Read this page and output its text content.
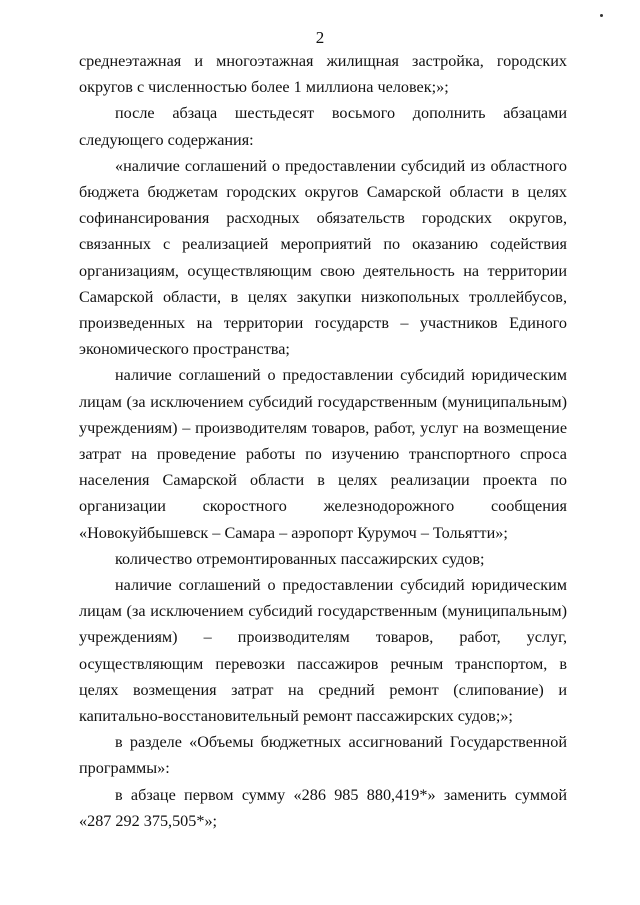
2

среднеэтажная и многоэтажная жилищная застройка, городских округов с численностью более 1 миллиона человек;»;

после абзаца шестьдесят восьмого дополнить абзацами следующего содержания:

«наличие соглашений о предоставлении субсидий из областного бюджета бюджетам городских округов Самарской области в целях софинансирования расходных обязательств городских округов, связанных с реализацией мероприятий по оказанию содействия организациям, осуществляющим свою деятельность на территории Самарской области, в целях закупки низкопольных троллейбусов, произведенных на территории государств – участников Единого экономического пространства;

наличие соглашений о предоставлении субсидий юридическим лицам (за исключением субсидий государственным (муниципальным) учреждениям) – производителям товаров, работ, услуг на возмещение затрат на проведение работы по изучению транспортного спроса населения Самарской области в целях реализации проекта по организации скоростного железнодорожного сообщения «Новокуйбышевск – Самара – аэропорт Курумоч – Тольятти»;

количество отремонтированных пассажирских судов;

наличие соглашений о предоставлении субсидий юридическим лицам (за исключением субсидий государственным (муниципальным) учреждениям) – производителям товаров, работ, услуг, осуществляющим перевозки пассажиров речным транспортом, в целях возмещения затрат на средний ремонт (слипование) и капитально-восстановительный ремонт пассажирских судов;»;

в разделе «Объемы бюджетных ассигнований Государственной программы»:

в абзаце первом сумму «286 985 880,419*» заменить суммой «287 292 375,505*»;
